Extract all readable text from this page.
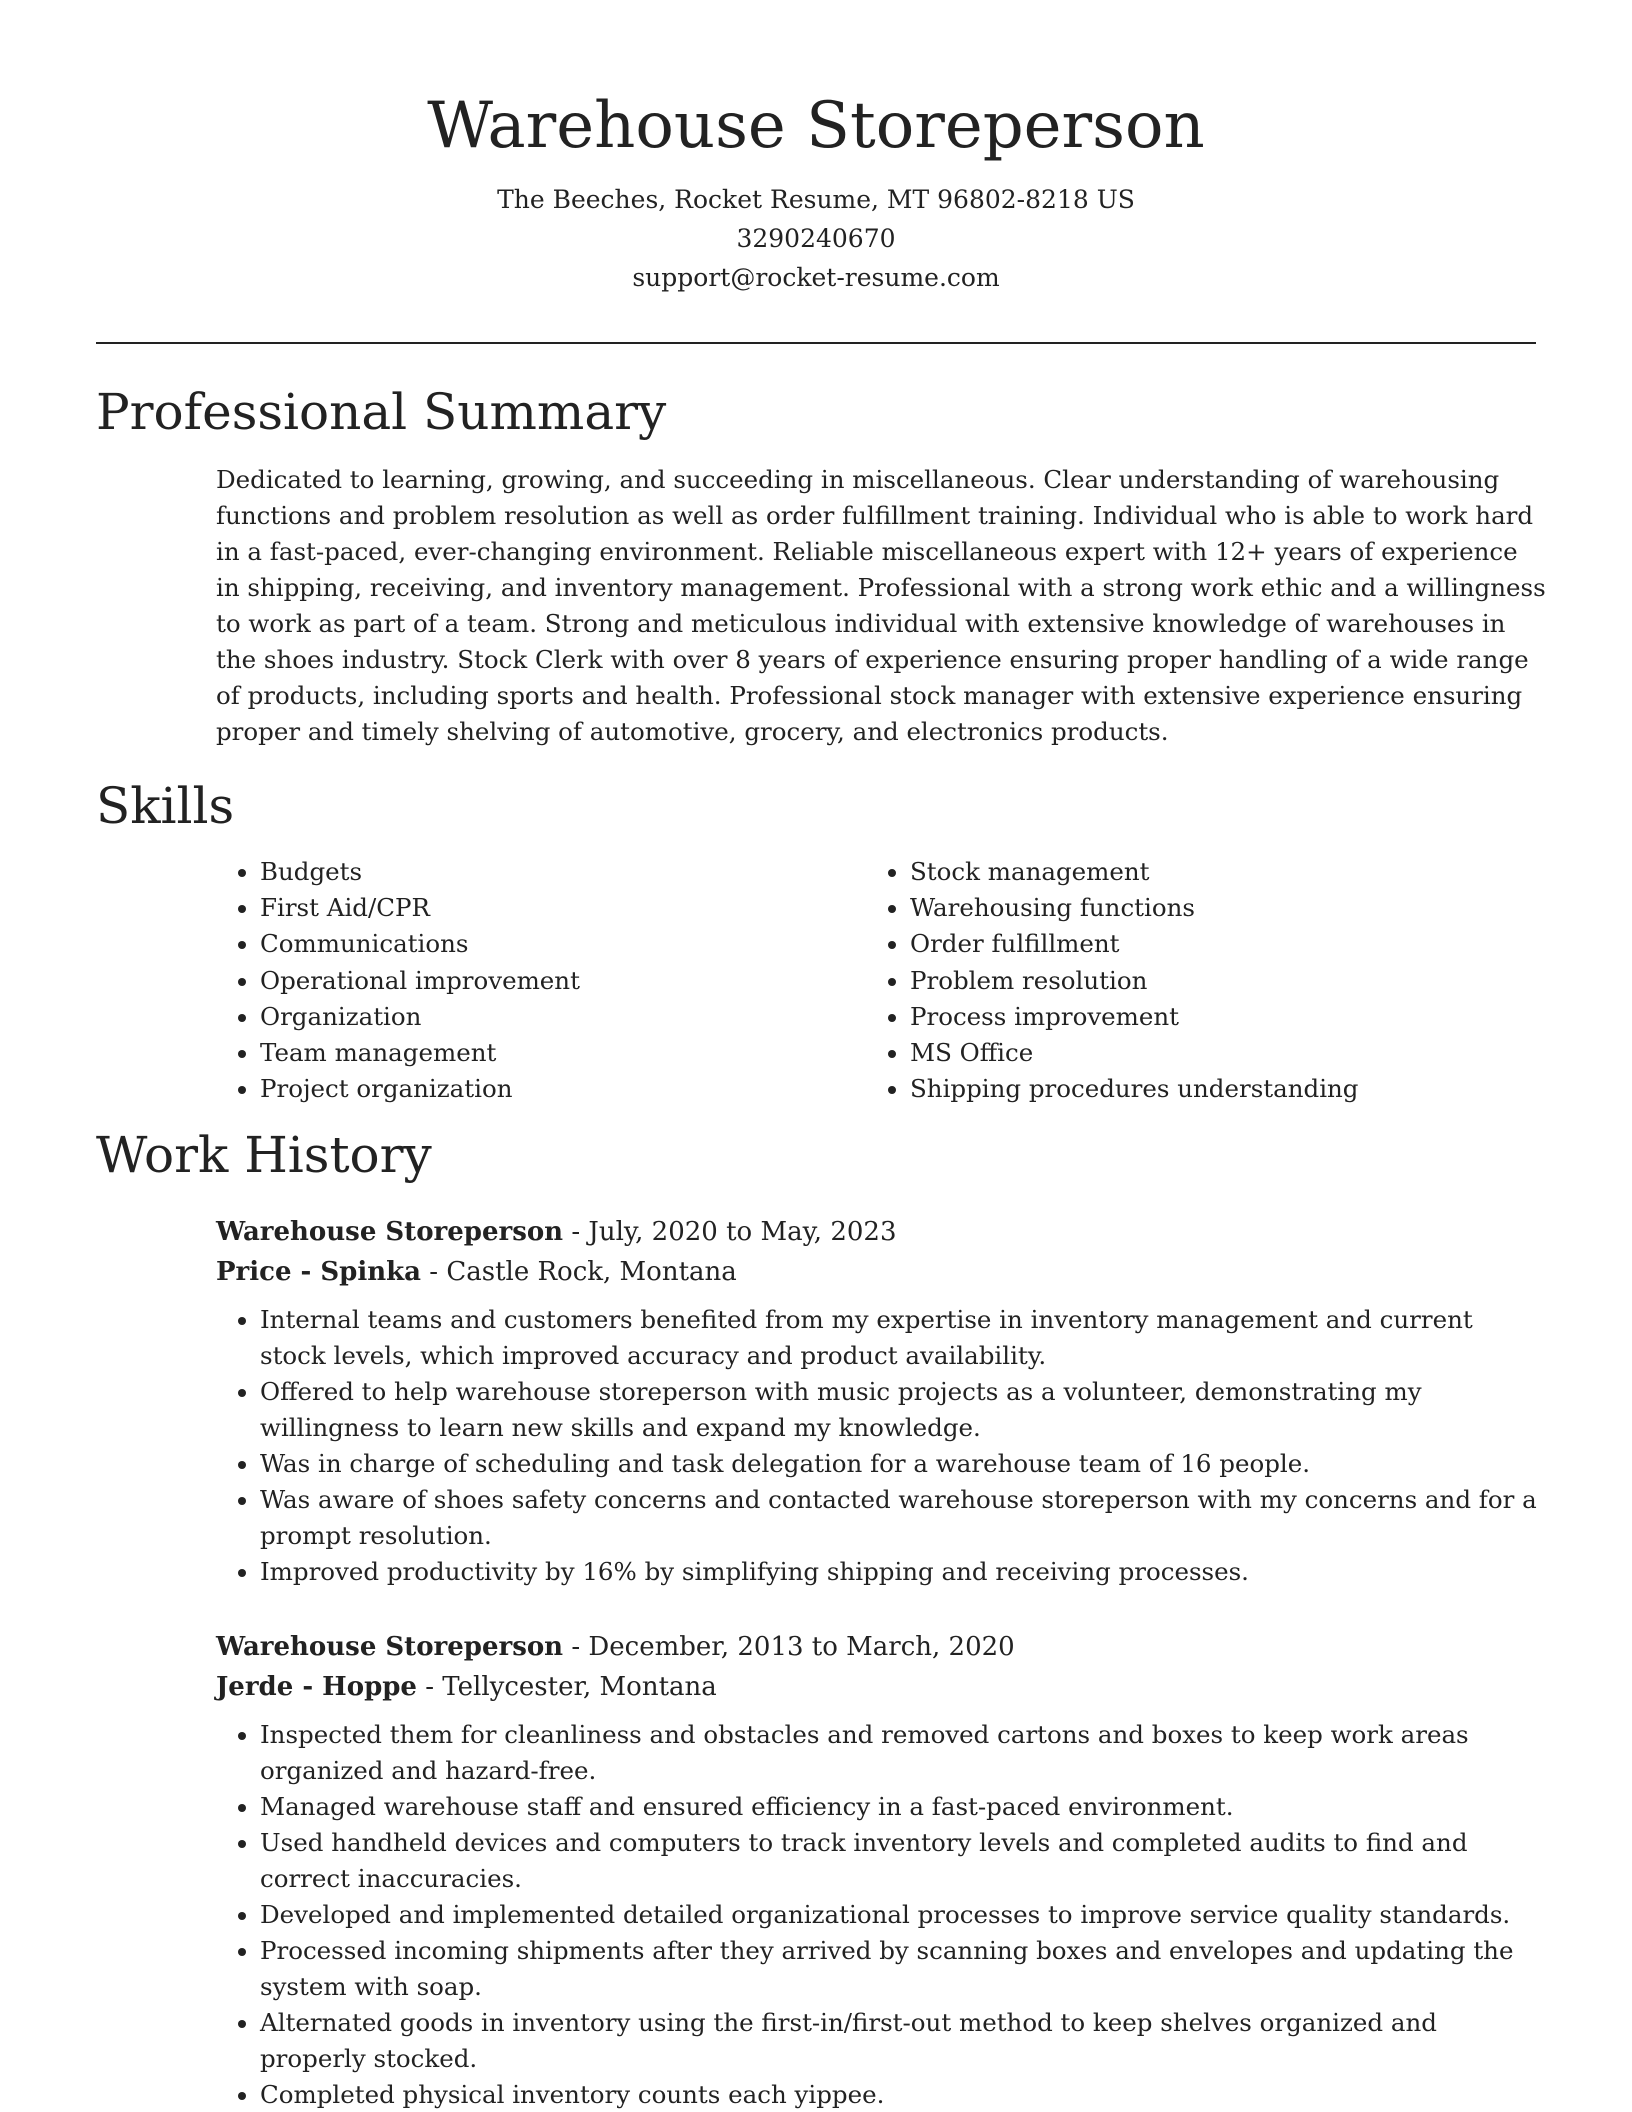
Warehouse Storeperson
The Beeches, Rocket Resume, MT 96802-8218 US
3290240670
support@rocket-resume.com
Professional Summary

Dedicated to learning, growing, and succeeding in miscellaneous. Clear understanding of warehousing functions and problem resolution as well as order fulfillment training. Individual who is able to work hard in a fast-paced, ever-changing environment. Reliable miscellaneous expert with 12+ years of experience in shipping, receiving, and inventory management. Professional with a strong work ethic and a willingness to work as part of a team. Strong and meticulous individual with extensive knowledge of warehouses in the shoes industry. Stock Clerk with over 8 years of experience ensuring proper handling of a wide range of products, including sports and health. Professional stock manager with extensive experience ensuring proper and timely shelving of automotive, grocery, and electronics products.

Skills
• Budgets
• First Aid/CPR
• Communications
• Operational improvement
• Organization
• Team management
• Project organization
• Stock management
• Warehousing functions
• Order fulfillment
• Problem resolution
• Process improvement
• MS Office
• Shipping procedures understanding
Work History

Warehouse Storeperson - July, 2020 to May, 2023

Price - Spinka - Castle Rock, Montana

• Internal teams and customers benefited from my expertise in inventory management and current stock levels, which improved accuracy and product availability.
• Offered to help warehouse storeperson with music projects as a volunteer, demonstrating my willingness to learn new skills and expand my knowledge.
• Was in charge of scheduling and task delegation for a warehouse team of 16 people.
• Was aware of shoes safety concerns and contacted warehouse storeperson with my concerns and for a prompt resolution.
• Improved productivity by 16% by simplifying shipping and receiving processes.

Warehouse Storeperson - December, 2013 to March, 2020

Jerde - Hoppe - Tellycester, Montana

• Inspected them for cleanliness and obstacles and removed cartons and boxes to keep work areas organized and hazard-free.
• Managed warehouse staff and ensured efficiency in a fast-paced environment.
• Used handheld devices and computers to track inventory levels and completed audits to find and correct inaccuracies.
• Developed and implemented detailed organizational processes to improve service quality standards.
• Processed incoming shipments after they arrived by scanning boxes and envelopes and updating the system with soap.
• Alternated goods in inventory using the first-in/first-out method to keep shelves organized and properly stocked.
• Completed physical inventory counts each yippee.
